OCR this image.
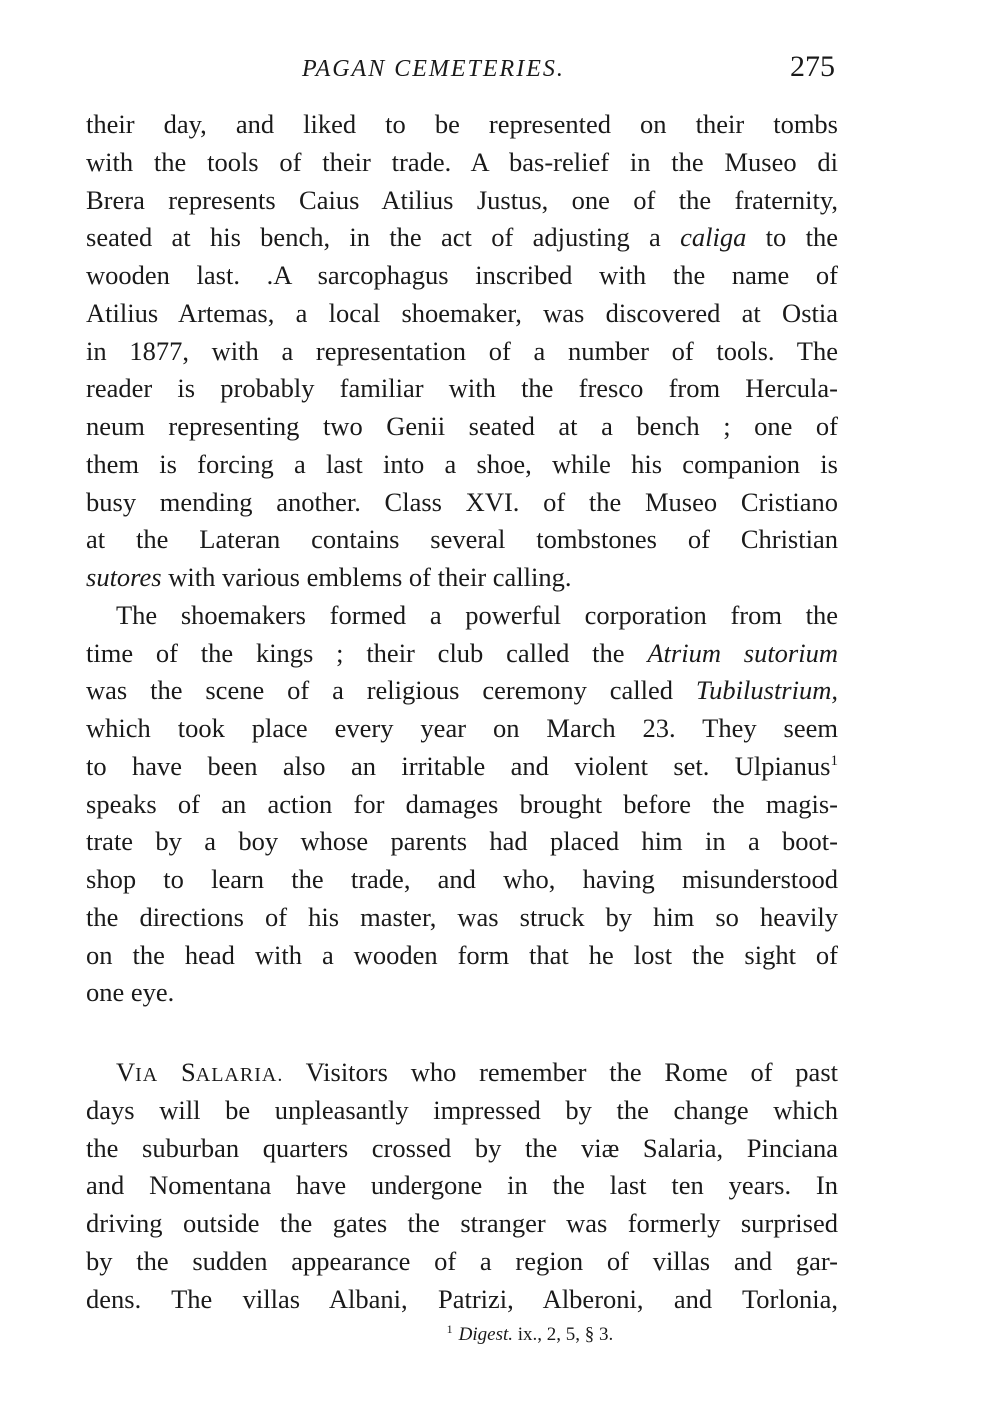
PAGAN CEMETERIES.	275
their day, and liked to be represented on their tombs
with the tools of their trade. A bas-relief in the Museo di
Brera represents Caius Atilius Justus, one of the fraternity,
seated at his bench, in the act of adjusting a caliga to the
wooden last. .A sarcophagus inscribed with the name of
Atilius Artemas, a local shoemaker, was discovered at Ostia
in 1877, with a representation of a number of tools. The
reader is probably familiar with the fresco from Hercula-
neum representing two Genii seated at a bench ; one of
them is forcing a last into a shoe, while his companion is
busy mending another. Class XVI. of the Museo Cristiano
at the Lateran contains several tombstones of Christian
sutores with various emblems of their calling.
The shoemakers formed a powerful corporation from the
time of the kings ; their club called the Atrium sutorium
was the scene of a religious ceremony called Tubilustrium,
which took place every year on March 23. They seem
to have been also an irritable and violent set. Ulpianus$^1$
speaks of an action for damages brought before the magis-
trate by a boy whose parents had placed him in a boot-
shop to learn the trade, and who, having misunderstood
the directions of his master, was struck by him so heavily
on the head with a wooden form that he lost the sight of
one eye.
VIA SALARIA. Visitors who remember the Rome of past
days will be unpleasantly impressed by the change which
the suburban quarters crossed by the viæ Salaria, Pinciana
and Nomentana have undergone in the last ten years. In
driving outside the gates the stranger was formerly surprised
by the sudden appearance of a region of villas and gar-
dens. The villas Albani, Patrizi, Alberoni, and Torlonia,
$^1$ Digest. ix., 2, 5, § 3.
